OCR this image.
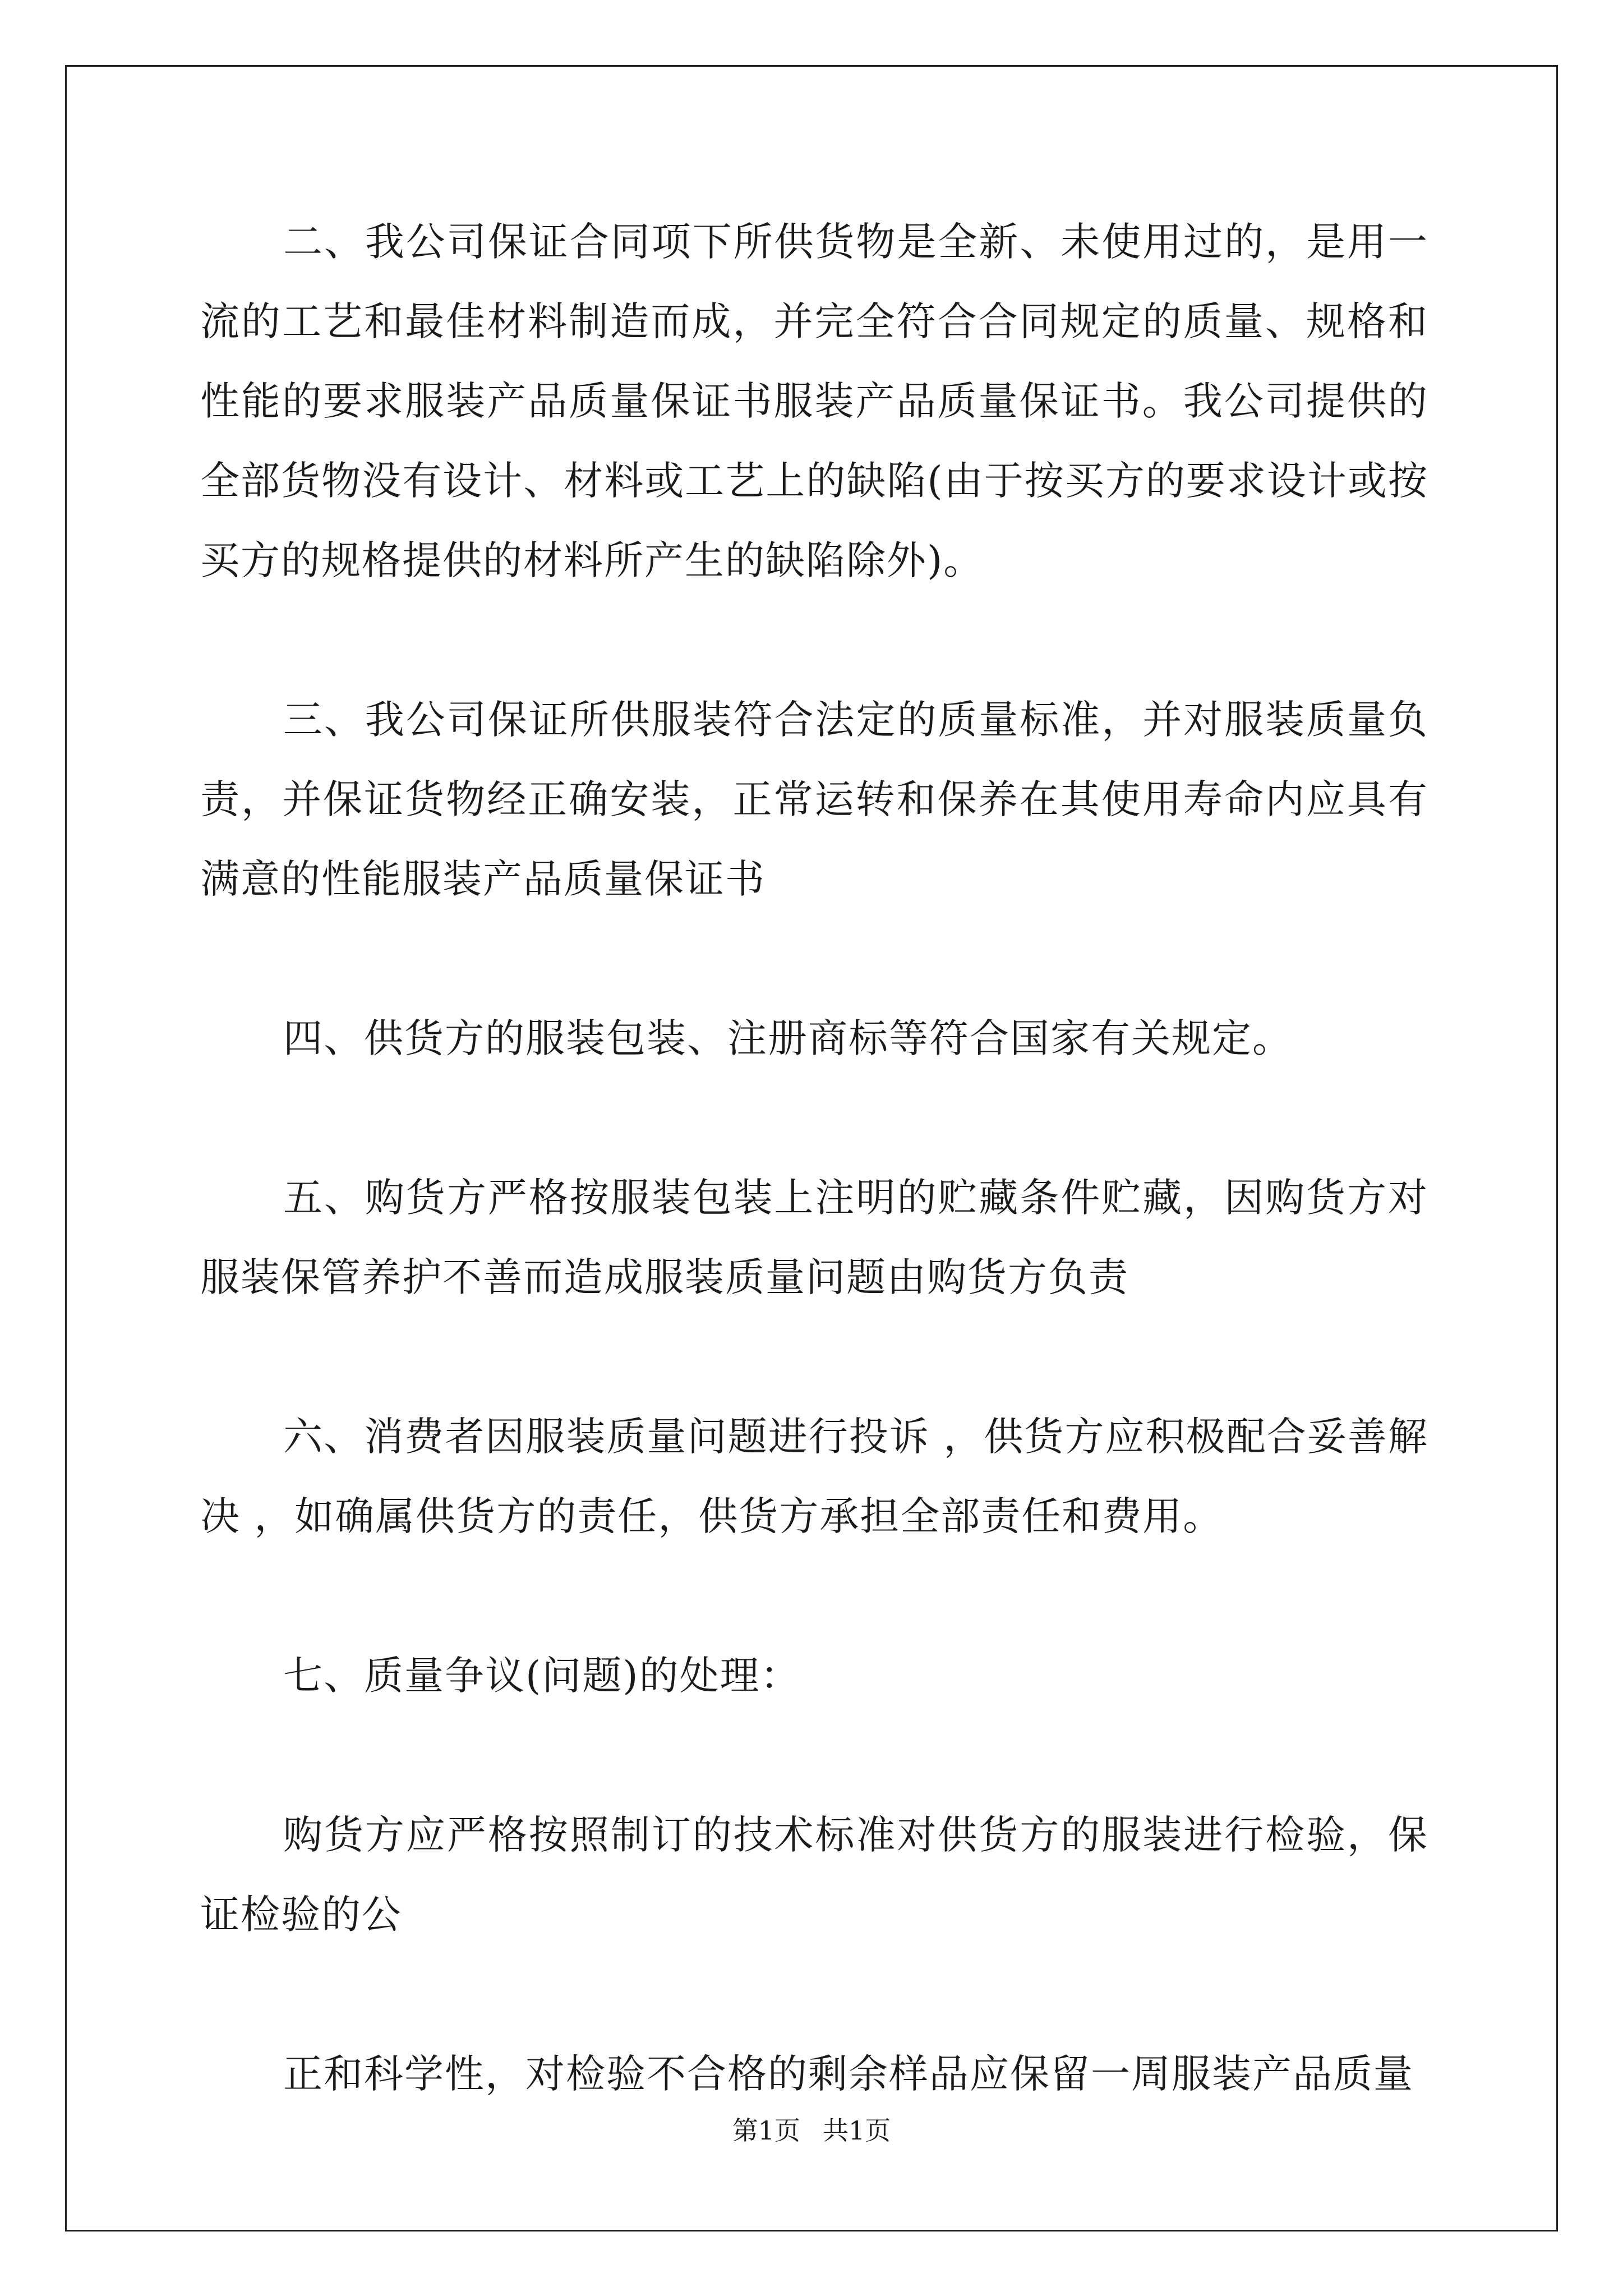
二、我公司保证合同项下所供货物是全新、未使用过的，是用一流的工艺和最佳材料制造而成，并完全符合合同规定的质量、规格和性能的要求服装产品质量保证书服装产品质量保证书。我公司提供的全部货物没有设计、材料或工艺上的缺陷(由于按买方的要求设计或按买方的规格提供的材料所产生的缺陷除外)。

三、我公司保证所供服装符合法定的质量标准，并对服装质量负责，并保证货物经正确安装，正常运转和保养在其使用寿命内应具有满意的性能服装产品质量保证书

四、供货方的服装包装、注册商标等符合国家有关规定。

五、购货方严格按服装包装上注明的贮藏条件贮藏，因购货方对服装保管养护不善而造成服装质量问题由购货方负责

六、消费者因服装质量问题进行投诉 ，供货方应积极配合妥善解决 ，如确属供货方的责任，供货方承担全部责任和费用。

七、质量争议(问题)的处理：

购货方应严格按照制订的技术标准对供货方的服装进行检验，保证检验的公

正和科学性，对检验不合格的剩余样品应保留一周服装产品质量

第1页 共1页
